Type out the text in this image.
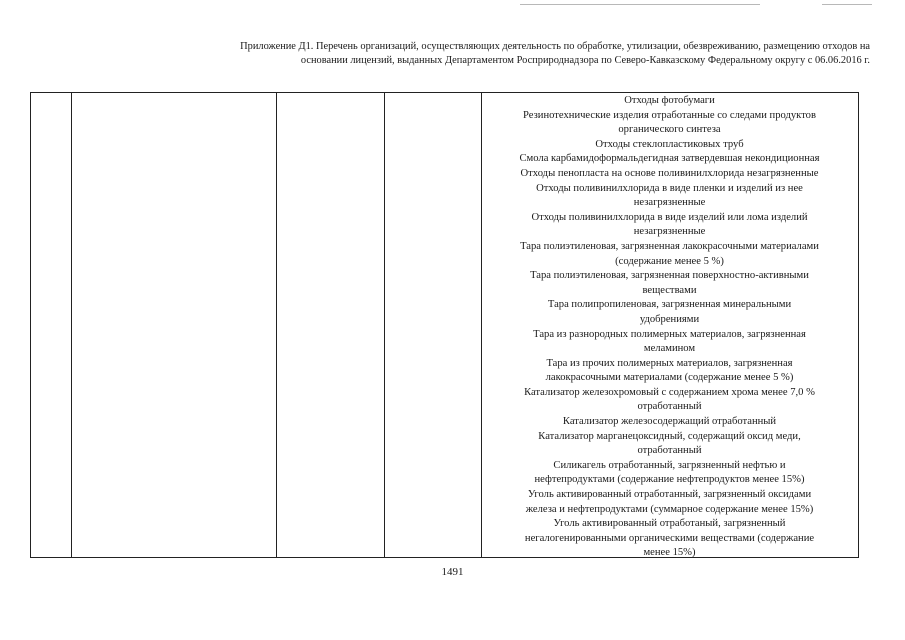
Приложение Д1. Перечень организаций, осуществляющих деятельность по обработке, утилизации, обезвреживанию, размещению отходов на
основании лицензий, выданных Департаментом Росприроднадзора по Северо-Кавказскому Федеральному округу с 06.06.2016 г.
Отходы фотобумаги
Резинотехнические изделия отработанные со следами продуктов
органического синтеза
Отходы стеклопластиковых труб
Смола карбамидоформальдегидная затвердевшая некондиционная
Отходы пенопласта на основе поливинилхлорида незагрязненные
Отходы поливинилхлорида в виде пленки и изделий из нее
незагрязненные
Отходы поливинилхлорида в виде изделий или лома изделий
незагрязненные
Тара полиэтиленовая, загрязненная лакокрасочными материалами
(содержание менее 5 %)
Тара полиэтиленовая, загрязненная поверхностно-активными
веществами
Тара полипропиленовая, загрязненная минеральными
удобрениями
Тара из разнородных полимерных материалов, загрязненная
меламином
Тара из прочих полимерных материалов, загрязненная
лакокрасочными материалами (содержание менее 5 %)
Катализатор железохромовый с содержанием хрома менее 7,0 %
отработанный
Катализатор железосодержащий отработанный
Катализатор марганецоксидный, содержащий оксид меди,
отработанный
Силикагель отработанный, загрязненный нефтью и
нефтепродуктами (содержание нефтепродуктов менее 15%)
Уголь активированный отработанный, загрязненный оксидами
железа и нефтепродуктами (суммарное содержание менее 15%)
Уголь активированный отработаный, загрязненный
негалогенированными органическими веществами (содержание
менее 15%)
1491
